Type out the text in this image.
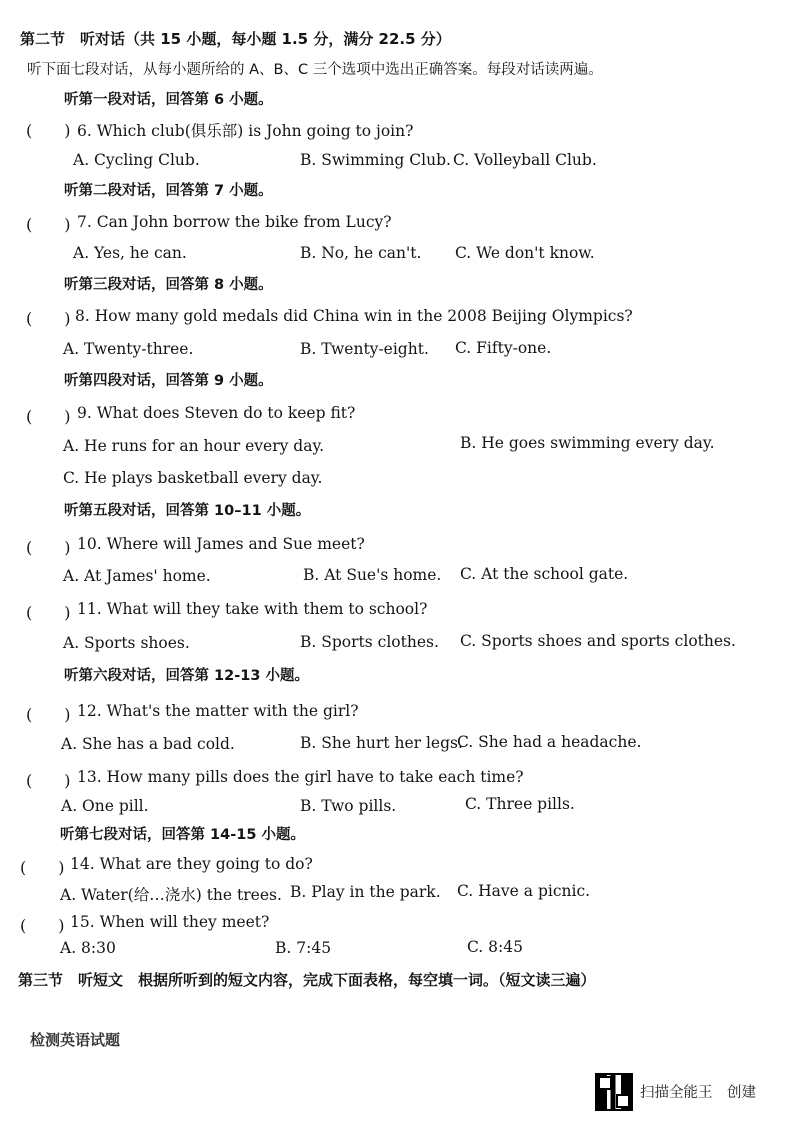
第二节　听对话（共 15 小题，每小题 1.5 分，满分 22.5 分）
听下面七段对话，从每小题所给的 A、B、C 三个选项中选出正确答案。每段对话读两遍。
听第一段对话，回答第 6 小题。
(　　) 6. Which club(俱乐部) is John going to join?
A. Cycling Club.	B. Swimming Club. C. Volleyball Club.
听第二段对话，回答第 7 小题。
(　　) 7. Can John borrow the bike from Lucy?
A. Yes, he can.	B. No, he can't. C. We don't know.
听第三段对话，回答第 8 小题。
(　　) 8. How many gold medals did China win in the 2008 Beijing Olympics?
A. Twenty-three.	B. Twenty-eight. C. Fifty-one.
听第四段对话，回答第 9 小题。
(　　) 9. What does Steven do to keep fit?
A. He runs for an hour every day.	B. He goes swimming every day.
C. He plays basketball every day.
听第五段对话，回答第 10–11 小题。
(　　) 10. Where will James and Sue meet?
A. At James' home.	B. At Sue's home. C. At the school gate.
(　　) 11. What will they take with them to school?
A. Sports shoes.	B. Sports clothes. C. Sports shoes and sports clothes.
听第六段对话，回答第 12-13 小题。
(　　) 12. What's the matter with the girl?
A. She has a bad cold.	B. She hurt her legs.
C. She had a headache.
(　　) 13. How many pills does the girl have to take each time?
A. One pill.	B. Two pills.	C. Three pills.
听第七段对话，回答第 14-15 小题。
(　　) 14. What are they going to do?
A. Water(给…浇水) the trees. B. Play in the park. C. Have a picnic.
(　　) 15. When will they meet?
A. 8:30	B. 7:45	C. 8:45
第三节　听短文　根据所听到的短文内容，完成下面表格，每空填一词。（短文读三遍）
检测英语试题
扫描全能王　创建
